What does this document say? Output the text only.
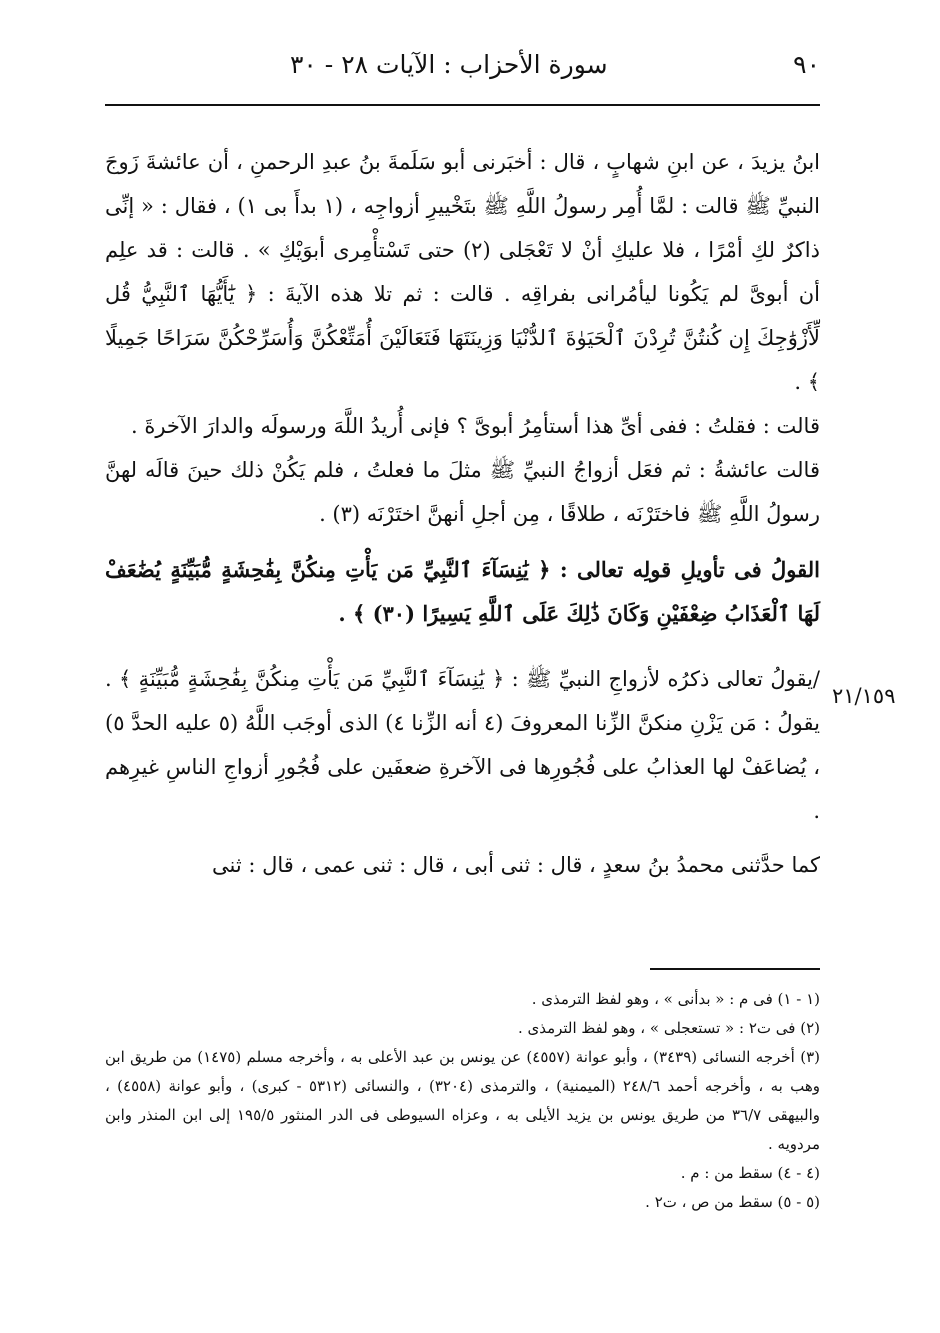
٩٠
سورة الأحزاب : الآيات ٢٨ - ٣٠

ابنُ يزيدَ ، عن ابنِ شهابٍ ، قال : أخبَرنى أبو سَلَمةَ بنُ عبدِ الرحمنِ ، أن عائشةَ زَوجَ النبيِّ ﷺ قالت : لمَّا أُمِر رسولُ اللَّهِ ﷺ بتَخْييرِ أزواجِه ، (١ بدأَ بى ١) ، فقال : « إنِّى ذاكرٌ لكِ أمْرًا ، فلا عليكِ أنْ لا تَعْجَلى (٢) حتى تَسْتأْمِرى أبوَيْكِ » . قالت : قد علِم أن أبوىَّ لم يَكُونا ليأمُرانى بفراقِه . قالت : ثم تلا هذه الآيةَ : ﴿ يَٰٓأَيُّهَا ٱلنَّبِيُّ قُل لِّأَزْوَٰجِكَ إِن كُنتُنَّ تُرِدْنَ ٱلْحَيَوٰةَ ٱلدُّنْيَا وَزِينَتَهَا فَتَعَالَيْنَ أُمَتِّعْكُنَّ وَأُسَرِّحْكُنَّ سَرَاحًا جَمِيلًا ﴾ .

قالت : فقلتُ : ففى أىِّ هذا أستأمِرُ أبوىَّ ؟ فإنى أُريدُ اللَّهَ ورسولَه والدارَ الآخرةَ .

قالت عائشةُ : ثم فعَل أزواجُ النبيِّ ﷺ مثلَ ما فعلتُ ، فلم يَكُنْ ذلك حينَ قالَه لهنَّ رسولُ اللَّهِ ﷺ فاختَرْنَه ، طلاقًا ، مِن أجلِ أنهنَّ اختَرْنَه (٣) .

القولُ فى تأويلِ قولِه تعالى : ﴿ يَٰنِسَآءَ ٱلنَّبِيِّ مَن يَأْتِ مِنكُنَّ بِفَٰحِشَةٍ مُّبَيِّنَةٍ يُضَٰعَفْ لَهَا ٱلْعَذَابُ ضِعْفَيْنِ وَكَانَ ذَٰلِكَ عَلَى ٱللَّهِ يَسِيرًا (٣٠) ﴾ .

/يقولُ تعالى ذكرُه لأزواجِ النبيِّ ﷺ : ﴿ يَٰنِسَآءَ ٱلنَّبِيِّ مَن يَأْتِ مِنكُنَّ بِفَٰحِشَةٍ مُّبَيِّنَةٍ ﴾ . يقولُ : مَن يَزْنِ منكنَّ الزِّنا المعروفَ (٤ أنه الزِّنا ٤) الذى أوجَب اللَّهُ (٥ عليه الحدَّ ٥) ، يُضاعَفْ لها العذابُ على فُجُورِها فى الآخرةِ ضعفَين على فُجُورِ أزواجِ الناسِ غيرِهم .

كما حدَّثنى محمدُ بنُ سعدٍ ، قال : ثنى أبى ، قال : ثنى عمى ، قال : ثنى

٢١/١٥٩

(١ - ١) فى م : « بدأنى » ، وهو لفظ الترمذى .

(٢) فى ت٢ : « تستعجلى » ، وهو لفظ الترمذى .

(٣) أخرجه النسائى (٣٤٣٩) ، وأبو عوانة (٤٥٥٧) عن يونس بن عبد الأعلى به ، وأخرجه مسلم (١٤٧٥) من طريق ابن وهب به ، وأخرجه أحمد ٢٤٨/٦ (الميمنية) ، والترمذى (٣٢٠٤) ، والنسائى (٥٣١٢ - كبرى) ، وأبو عوانة (٤٥٥٨) ، والبيهقى ٣٦/٧ من طريق يونس بن يزيد الأيلى به ، وعزاه السيوطى فى الدر المنثور ١٩٥/٥ إلى ابن المنذر وابن مردويه .

(٤ - ٤) سقط من : م .

(٥ - ٥) سقط من ص ، ت٢ .
